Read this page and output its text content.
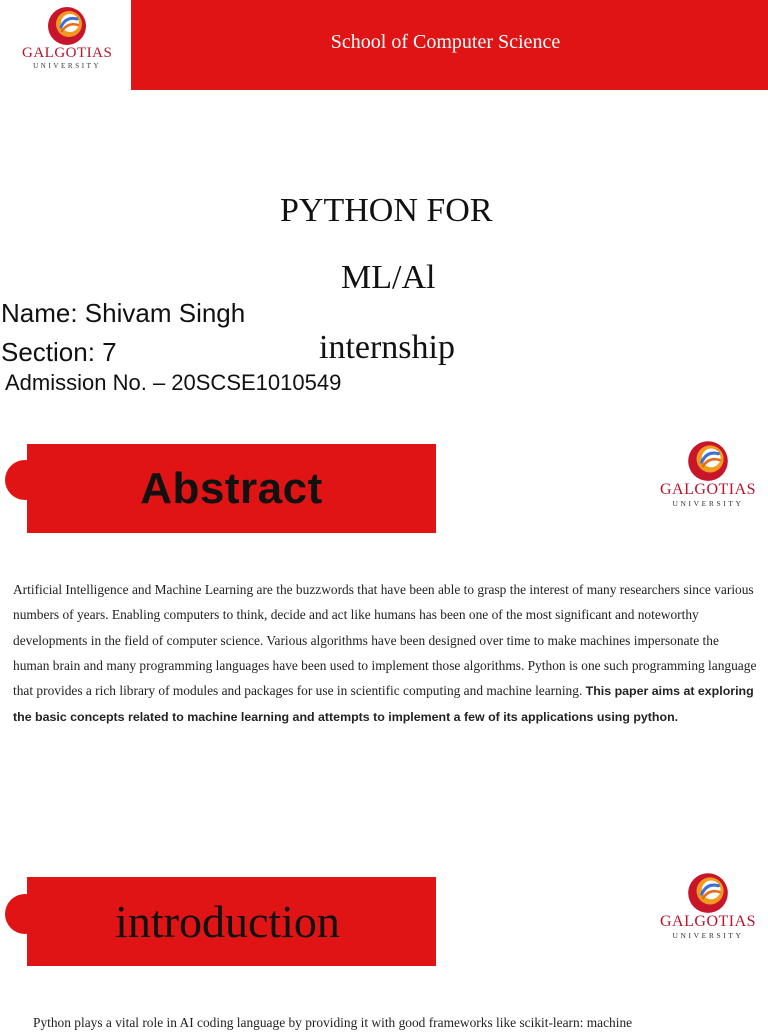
GALGOTIAS
UNIVERSITY
School of Computer Science
PYTHON FOR
ML/Al
internship
Name: Shivam Singh
Section: 7
Admission No. – 20SCSE1010549
Abstract	GALGOTIAS
UNIVERSITY
Artificial Intelligence and Machine Learning are the buzzwords that have been able to grasp the interest of many researchers since various numbers of years. Enabling computers to think, decide and act like humans has been one of the most significant and noteworthy developments in the field of computer science. Various algorithms have been designed over time to make machines impersonate the human brain and many programming languages have been used to implement those algorithms. Python is one such programming language that provides a rich library of modules and packages for use in scientific computing and machine learning. This paper aims at exploring the basic concepts related to machine learning and attempts to implement a few of its applications using python.
introduction	GALGOTIAS
UNIVERSITY
Python plays a vital role in AI coding language by providing it with good frameworks like scikit-learn: machine
